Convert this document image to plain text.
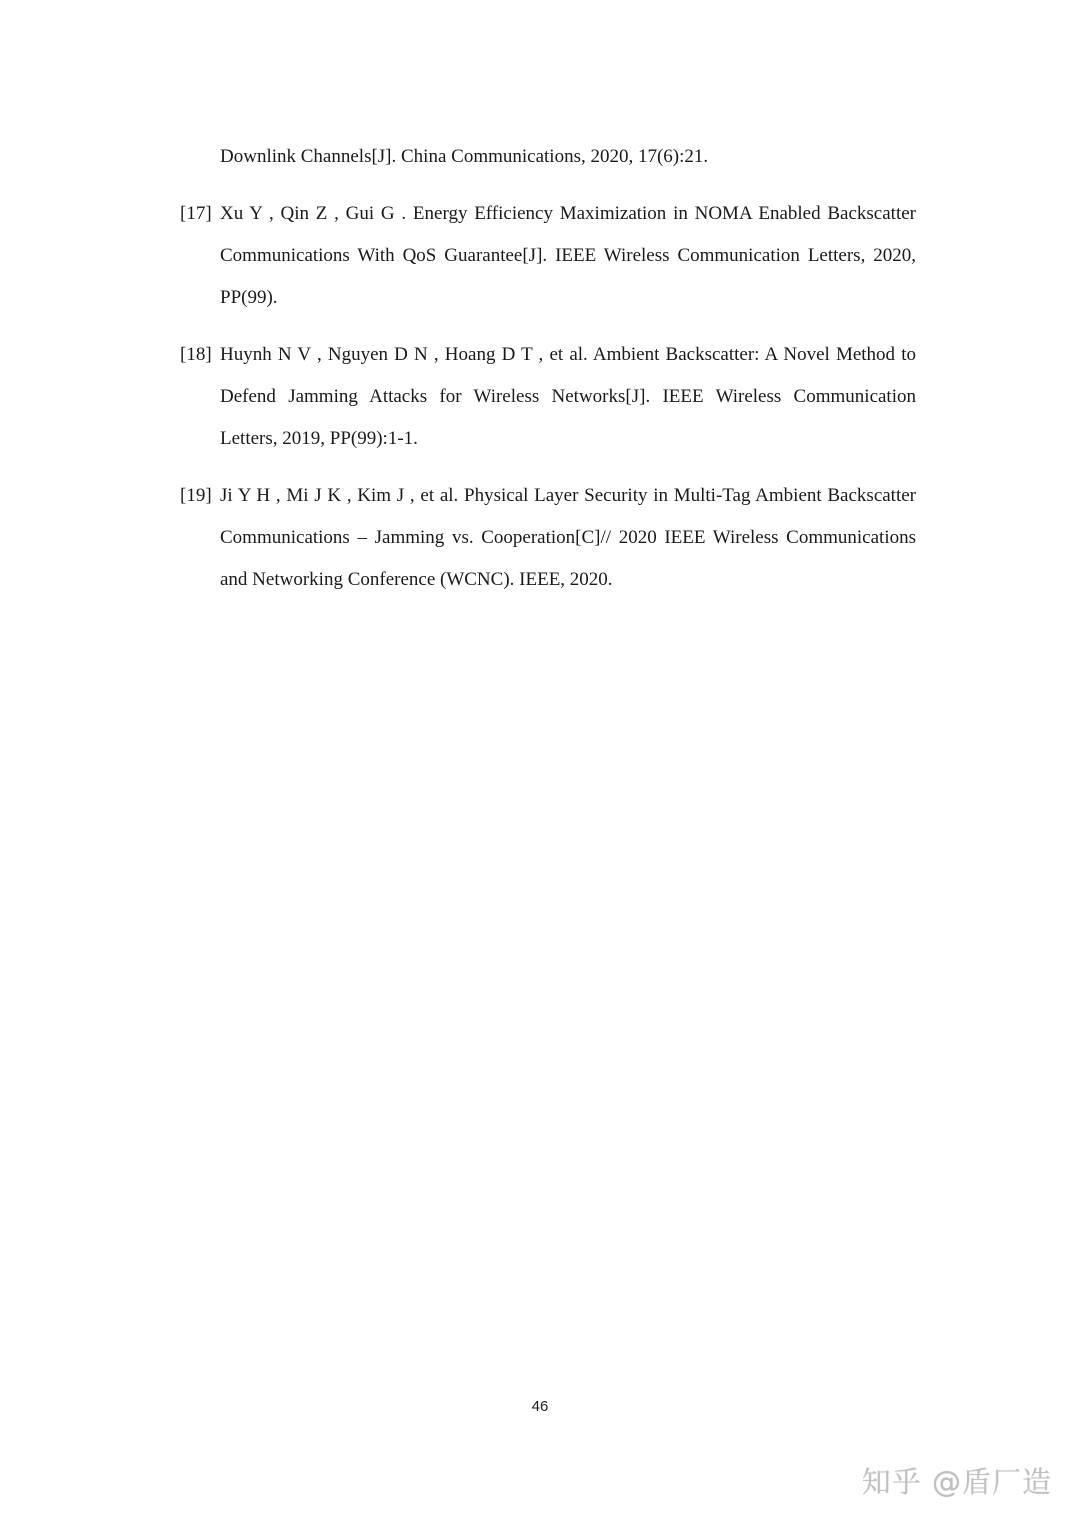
Downlink Channels[J]. China Communications, 2020, 17(6):21.
[17] Xu Y , Qin Z , Gui G . Energy Efficiency Maximization in NOMA Enabled Backscatter Communications With QoS Guarantee[J]. IEEE Wireless Communication Letters, 2020, PP(99).
[18] Huynh N V , Nguyen D N , Hoang D T , et al. Ambient Backscatter: A Novel Method to Defend Jamming Attacks for Wireless Networks[J]. IEEE Wireless Communication Letters, 2019, PP(99):1-1.
[19] Ji Y H , Mi J K , Kim J , et al. Physical Layer Security in Multi-Tag Ambient Backscatter Communications – Jamming vs. Cooperation[C]// 2020 IEEE Wireless Communications and Networking Conference (WCNC). IEEE, 2020.
46
知乎 @盾厂造
